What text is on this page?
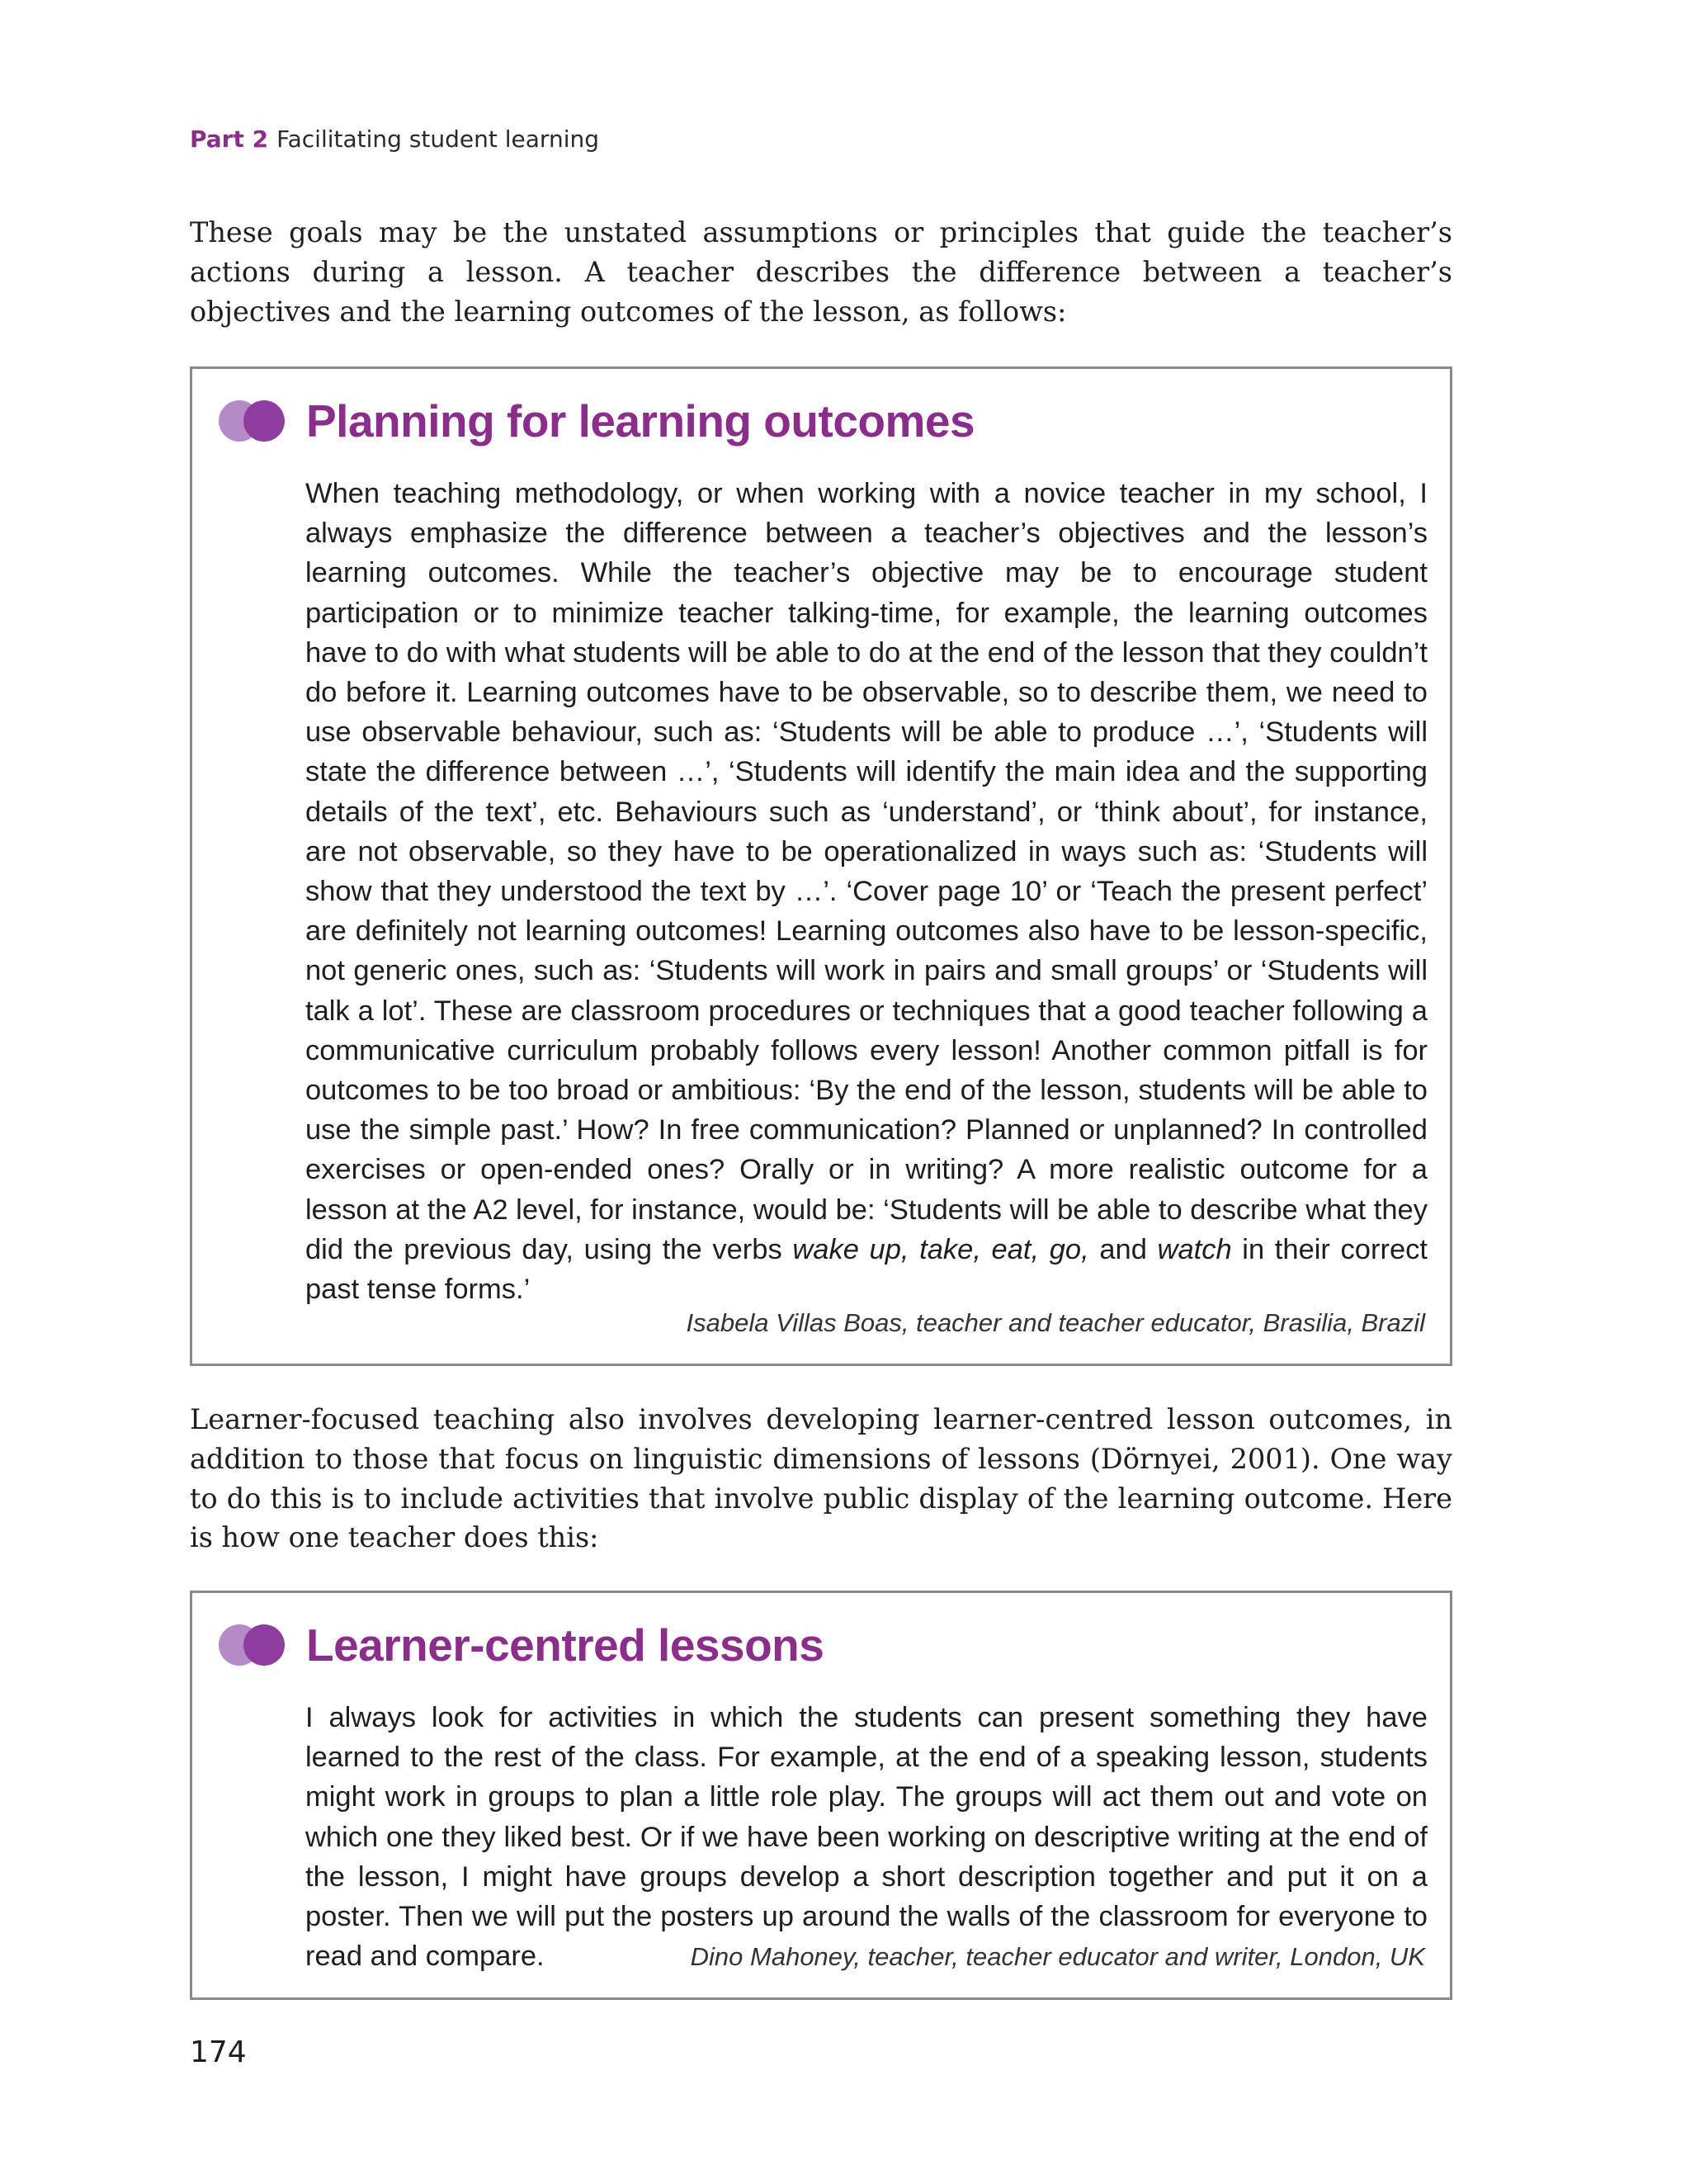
Part 2 Facilitating student learning

These goals may be the unstated assumptions or principles that guide the teacher’s actions during a lesson. A teacher describes the difference between a teacher’s objectives and the learning outcomes of the lesson, as follows:

Planning for learning outcomes

When teaching methodology, or when working with a novice teacher in my school, I always emphasize the difference between a teacher’s objectives and the lesson’s learning outcomes. While the teacher’s objective may be to encourage student participation or to minimize teacher talking-time, for example, the learning outcomes have to do with what students will be able to do at the end of the lesson that they couldn’t do before it. Learning outcomes have to be observable, so to describe them, we need to use observable behaviour, such as: ‘Students will be able to produce …’, ‘Students will state the difference between …’, ‘Students will identify the main idea and the supporting details of the text’, etc. Behaviours such as ‘understand’, or ‘think about’, for instance, are not observable, so they have to be operationalized in ways such as: ‘Students will show that they understood the text by …’. ‘Cover page 10’ or ‘Teach the present perfect’ are definitely not learning outcomes! Learning outcomes also have to be lesson-specific, not generic ones, such as: ‘Students will work in pairs and small groups’ or ‘Students will talk a lot’. These are classroom procedures or techniques that a good teacher following a communicative curriculum probably follows every lesson! Another common pitfall is for outcomes to be too broad or ambitious: ‘By the end of the lesson, students will be able to use the simple past.’ How? In free communication? Planned or unplanned? In controlled exercises or open-ended ones? Orally or in writing? A more realistic outcome for a lesson at the A2 level, for instance, would be: ‘Students will be able to describe what they did the previous day, using the verbs wake up, take, eat, go, and watch in their correct past tense forms.’

Isabela Villas Boas, teacher and teacher educator, Brasilia, Brazil

Learner-focused teaching also involves developing learner-centred lesson outcomes, in addition to those that focus on linguistic dimensions of lessons (Dörnyei, 2001). One way to do this is to include activities that involve public display of the learning outcome. Here is how one teacher does this:

Learner-centred lessons

I always look for activities in which the students can present something they have learned to the rest of the class. For example, at the end of a speaking lesson, students might work in groups to plan a little role play. The groups will act them out and vote on which one they liked best. Or if we have been working on descriptive writing at the end of the lesson, I might have groups develop a short description together and put it on a poster. Then we will put the posters up around the walls of the classroom for everyone to read and compare.	Dino Mahoney, teacher, teacher educator and writer, London, UK
174
